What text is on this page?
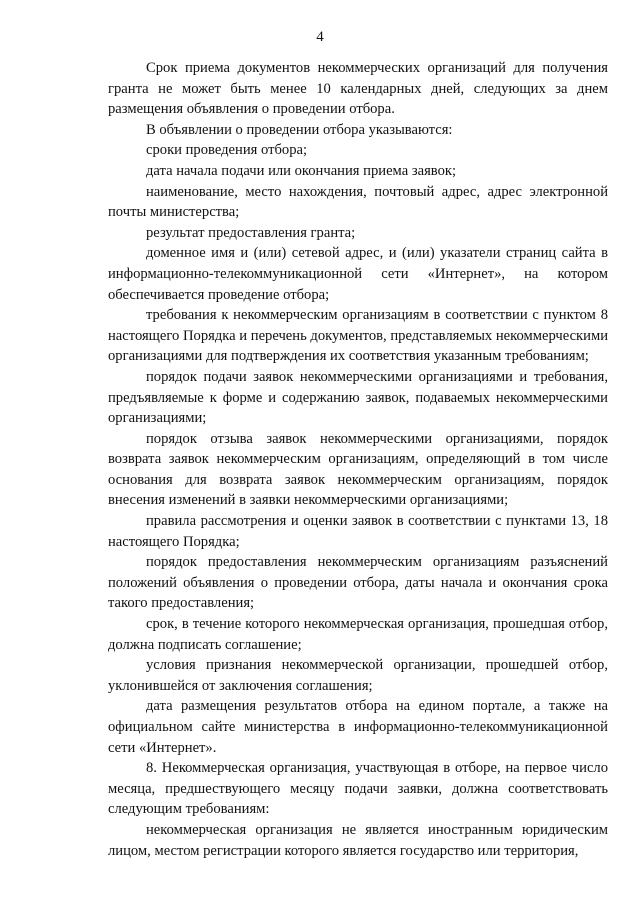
4

Срок приема документов некоммерческих организаций для получения гранта не может быть менее 10 календарных дней, следующих за днем размещения объявления о проведении отбора.

В объявлении о проведении отбора указываются:

сроки проведения отбора;

дата начала подачи или окончания приема заявок;

наименование, место нахождения, почтовый адрес, адрес электронной почты министерства;

результат предоставления гранта;

доменное имя и (или) сетевой адрес, и (или) указатели страниц сайта в информационно-телекоммуникационной сети «Интернет», на котором обеспечивается проведение отбора;

требования к некоммерческим организациям в соответствии с пунктом 8 настоящего Порядка и перечень документов, представляемых некоммерческими организациями для подтверждения их соответствия указанным требованиям;

порядок подачи заявок некоммерческими организациями и требования, предъявляемые к форме и содержанию заявок, подаваемых некоммерческими организациями;

порядок отзыва заявок некоммерческими организациями, порядок возврата заявок некоммерческим организациям, определяющий в том числе основания для возврата заявок некоммерческим организациям, порядок внесения изменений в заявки некоммерческими организациями;

правила рассмотрения и оценки заявок в соответствии с пунктами 13, 18 настоящего Порядка;

порядок предоставления некоммерческим организациям разъяснений положений объявления о проведении отбора, даты начала и окончания срока такого предоставления;

срок, в течение которого некоммерческая организация, прошедшая отбор, должна подписать соглашение;

условия признания некоммерческой организации, прошедшей отбор, уклонившейся от заключения соглашения;

дата размещения результатов отбора на едином портале, а также на официальном сайте министерства в информационно-телекоммуникационной сети «Интернет».

8. Некоммерческая организация, участвующая в отборе, на первое число месяца, предшествующего месяцу подачи заявки, должна соответствовать следующим требованиям:

некоммерческая организация не является иностранным юридическим лицом, местом регистрации которого является государство или территория,
